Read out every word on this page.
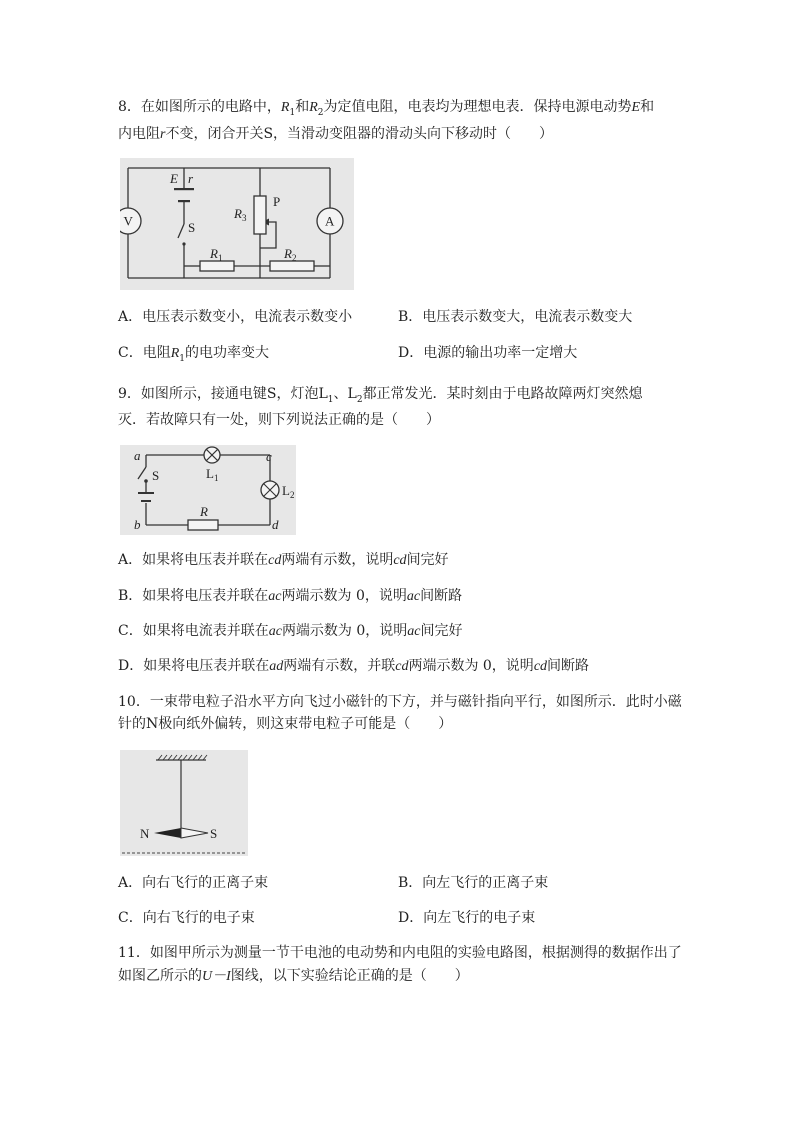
8．在如图所示的电路中，$R_1$和$R_2$为定值电阻，电表均为理想电表．保持电源电动势E和
内电阻r不变，闭合开关S，当滑动变阻器的滑动头向下移动时（　　）
V	A
E r
S
$R_3$
P
$R_1$	$R_2$
A．电压表示数变小，电流表示数变小	B．电压表示数变大，电流表示数变大
C．电阻$R_1$的电功率变大	D．电源的输出功率一定增大
9．如图所示，接通电键S，灯泡$L_1$、$L_2$都正常发光．某时刻由于电路故障两灯突然熄
灭．若故障只有一处，则下列说法正确的是（　　）
a
b
c
d
S	$L_1$
$L_2$
R
A．如果将电压表并联在cd两端有示数，说明cd间完好
B．如果将电压表并联在ac两端示数为 0，说明ac间断路
C．如果将电流表并联在ac两端示数为 0，说明ac间完好
D．如果将电压表并联在ad两端有示数，并联cd两端示数为 0，说明cd间断路
10．一束带电粒子沿水平方向飞过小磁针的下方，并与磁针指向平行，如图所示．此时小磁
针的N极向纸外偏转，则这束带电粒子可能是（　　）
N	S
A．向右飞行的正离子束	B．向左飞行的正离子束
C．向右飞行的电子束	D．向左飞行的电子束
11．如图甲所示为测量一节干电池的电动势和内电阻的实验电路图，根据测得的数据作出了
如图乙所示的U－I图线，以下实验结论正确的是（　　）
